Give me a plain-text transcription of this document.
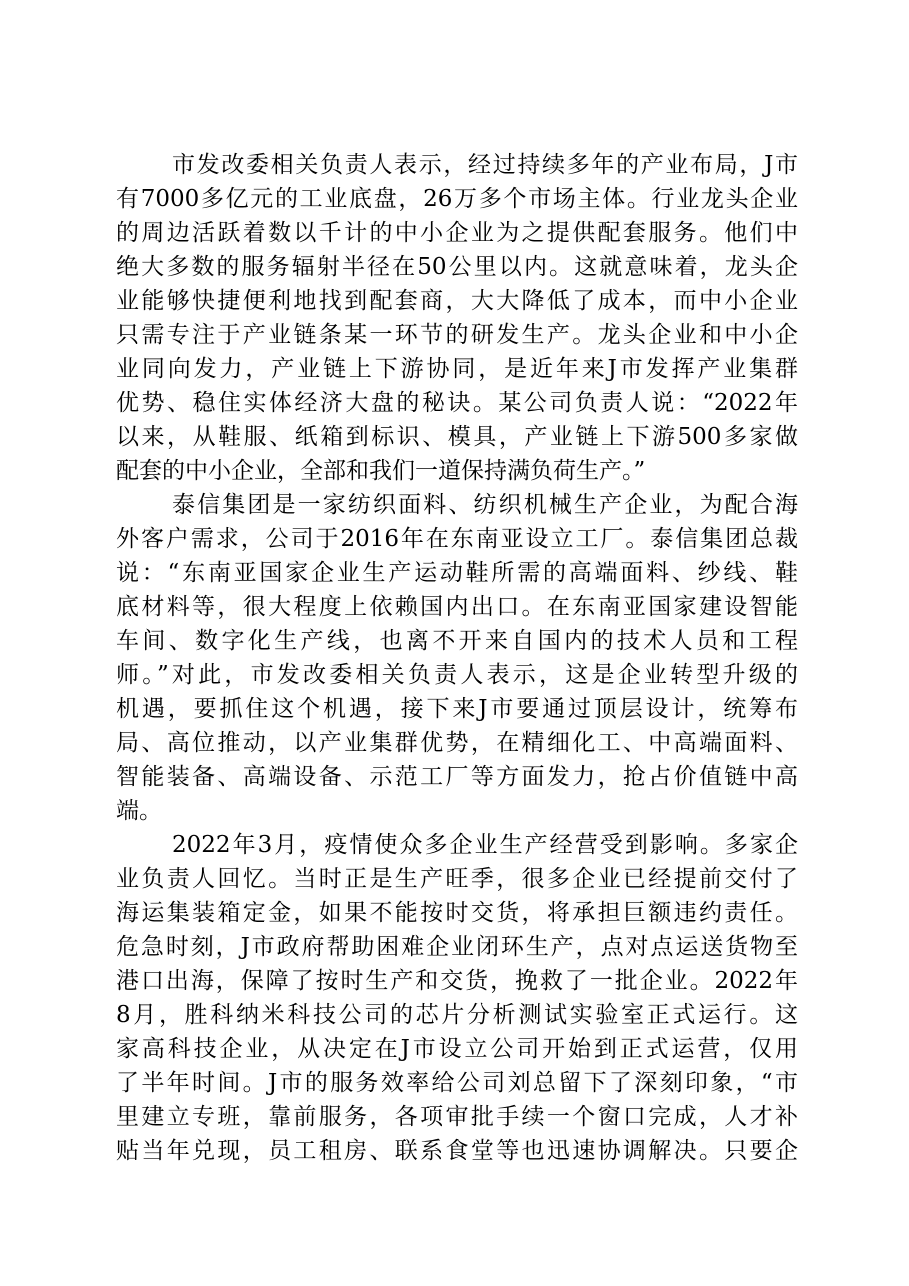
市发改委相关负责人表示，经过持续多年的产业布局，J市
有7000多亿元的工业底盘，26万多个市场主体。行业龙头企业
的周边活跃着数以千计的中小企业为之提供配套服务。他们中
绝大多数的服务辐射半径在50公里以内。这就意味着，龙头企
业能够快捷便利地找到配套商，大大降低了成本，而中小企业
只需专注于产业链条某一环节的研发生产。龙头企业和中小企
业同向发力，产业链上下游协同，是近年来J市发挥产业集群
优势、稳住实体经济大盘的秘诀。某公司负责人说：“2022年
以来，从鞋服、纸箱到标识、模具，产业链上下游500多家做
配套的中小企业，全部和我们一道保持满负荷生产。”
泰信集团是一家纺织面料、纺织机械生产企业，为配合海
外客户需求，公司于2016年在东南亚设立工厂。泰信集团总裁
说：“东南亚国家企业生产运动鞋所需的高端面料、纱线、鞋
底材料等，很大程度上依赖国内出口。在东南亚国家建设智能
车间、数字化生产线，也离不开来自国内的技术人员和工程
师。”对此，市发改委相关负责人表示，这是企业转型升级的
机遇，要抓住这个机遇，接下来J市要通过顶层设计，统筹布
局、高位推动，以产业集群优势，在精细化工、中高端面料、
智能装备、高端设备、示范工厂等方面发力，抢占价值链中高
端。
2022年3月，疫情使众多企业生产经营受到影响。多家企
业负责人回忆。当时正是生产旺季，很多企业已经提前交付了
海运集装箱定金，如果不能按时交货，将承担巨额违约责任。
危急时刻，J市政府帮助困难企业闭环生产，点对点运送货物至
港口出海，保障了按时生产和交货，挽救了一批企业。2022年
8月，胜科纳米科技公司的芯片分析测试实验室正式运行。这
家高科技企业，从决定在J市设立公司开始到正式运营，仅用
了半年时间。J市的服务效率给公司刘总留下了深刻印象，“市
里建立专班，靠前服务，各项审批手续一个窗口完成，人才补
贴当年兑现，员工租房、联系食堂等也迅速协调解决。只要企
